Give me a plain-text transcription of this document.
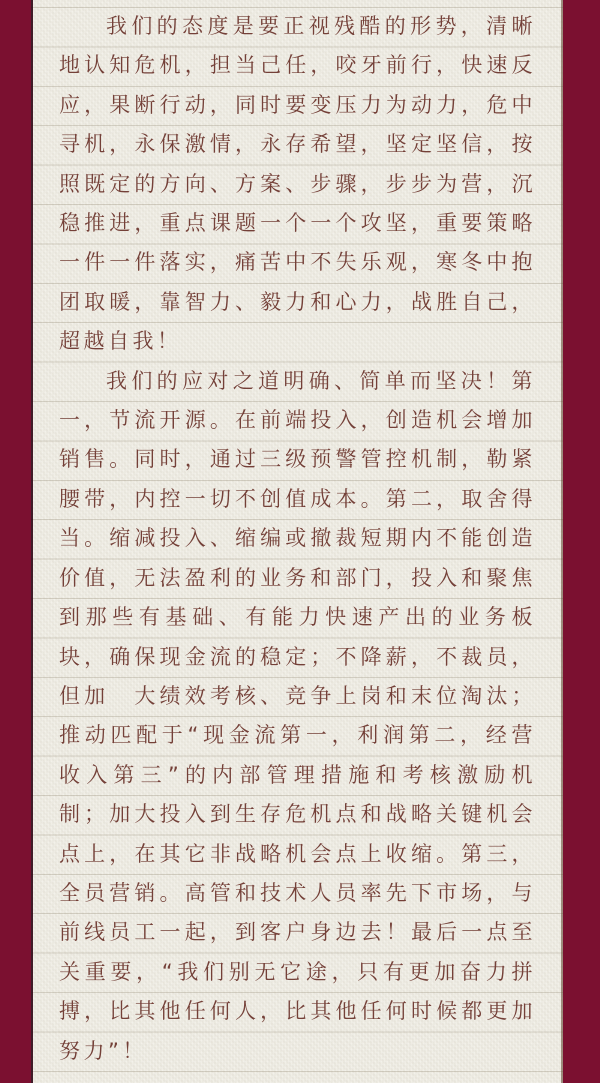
我们的态度是要正视残酷的形势，清晰地认知危机，担当己任，咬牙前行，快速反应，果断行动，同时要变压力为动力，危中寻机，永保激情，永存希望，坚定坚信，按照既定的方向、方案、步骤，步步为营，沉稳推进，重点课题一个一个攻坚，重要策略一件一件落实，痛苦中不失乐观，寒冬中抱团取暖，靠智力、毅力和心力，战胜自己，超越自我！

我们的应对之道明确、简单而坚决！第一，节流开源。在前端投入，创造机会增加销售。同时，通过三级预警管控机制，勒紧腰带，内控一切不创值成本。第二，取舍得当。缩减投入、缩编或撤裁短期内不能创造价值，无法盈利的业务和部门，投入和聚焦到那些有基础、有能力快速产出的业务板块，确保现金流的稳定；不降薪，不裁员，但加　大绩效考核、竞争上岗和末位淘汰；推动匹配于“现金流第一，利润第二，经营收入第三”的内部管理措施和考核激励机制；加大投入到生存危机点和战略关键机会点上，在其它非战略机会点上收缩。第三，全员营销。高管和技术人员率先下市场，与前线员工一起，到客户身边去！最后一点至关重要，“我们别无它途，只有更加奋力拼搏，比其他任何人，比其他任何时候都更加努力”！
